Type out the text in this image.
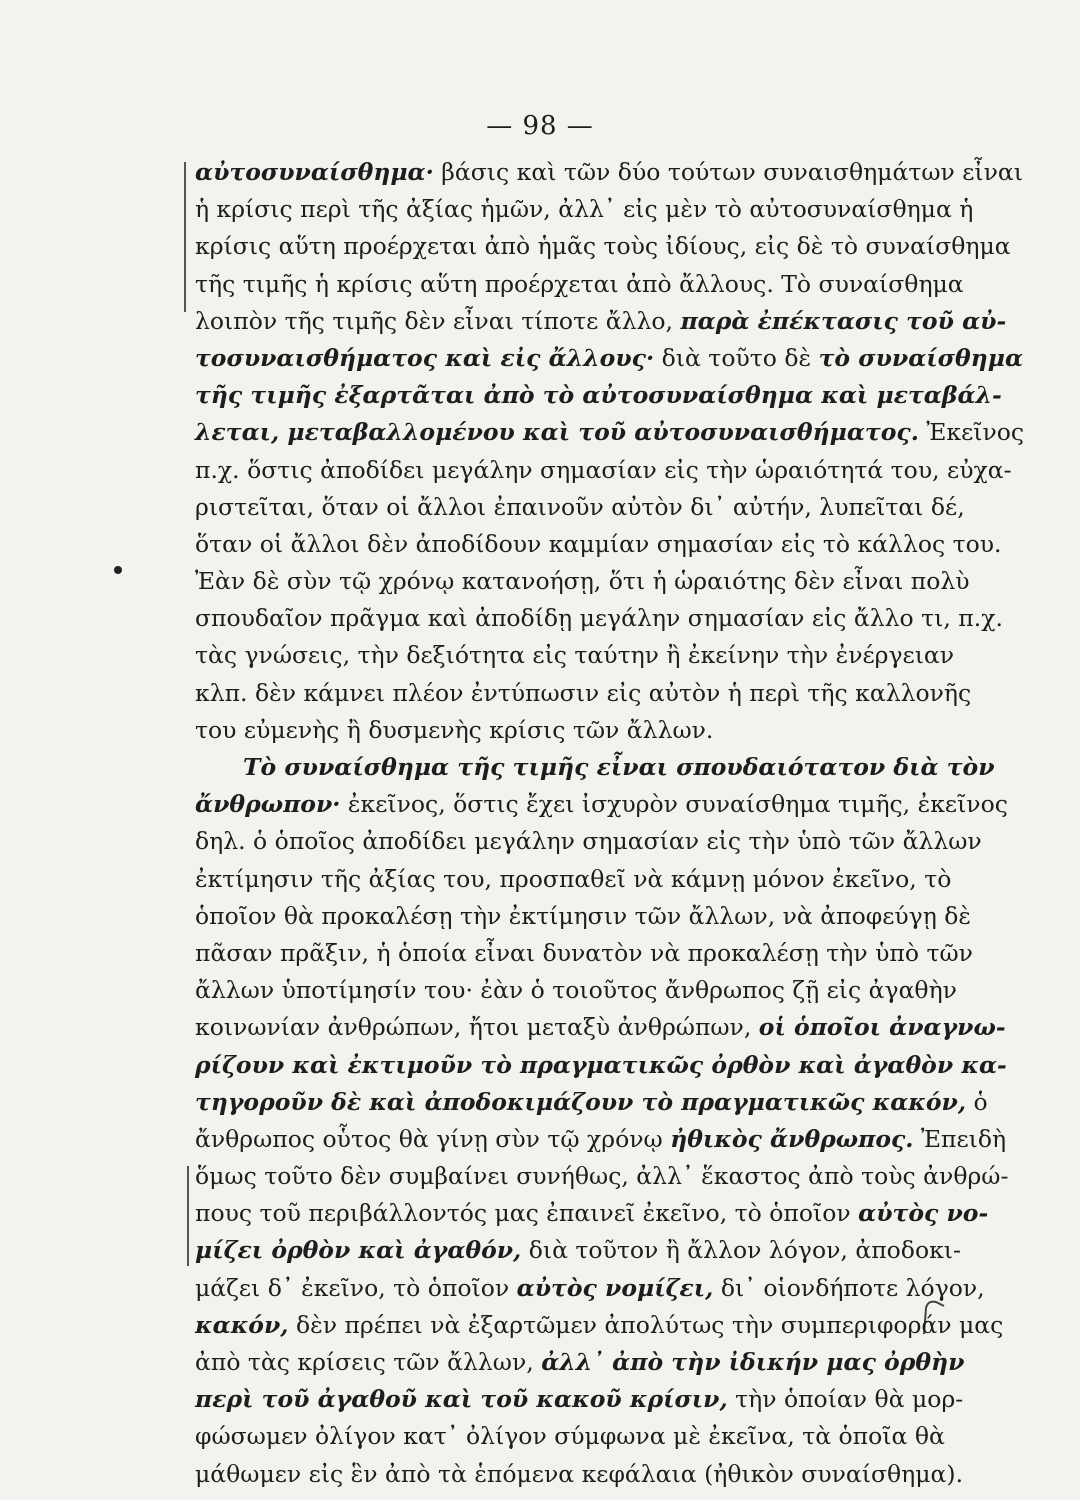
— 98 —
αὐτοσυναίσθημα· βάσις καὶ τῶν δύο τούτων συναισθημάτων εἶναι
ἡ κρίσις περὶ τῆς ἀξίας ἡμῶν, ἀλλ᾽ εἰς μὲν τὸ αὐτοσυναίσθημα ἡ
κρίσις αὕτη προέρχεται ἀπὸ ἡμᾶς τοὺς ἰδίους, εἰς δὲ τὸ συναίσθημα
τῆς τιμῆς ἡ κρίσις αὕτη προέρχεται ἀπὸ ἄλλους. Τὸ συναίσθημα
λοιπὸν τῆς τιμῆς δὲν εἶναι τίποτε ἄλλο, παρὰ ἐπέκτασις τοῦ αὐ-
τοσυναισθήματος καὶ εἰς ἄλλους· διὰ τοῦτο δὲ τὸ συναίσθημα
τῆς τιμῆς ἐξαρτᾶται ἀπὸ τὸ αὐτοσυναίσθημα καὶ μεταβάλ-
λεται, μεταβαλλομένου καὶ τοῦ αὐτοσυναισθήματος. Ἐκεῖνος
π.χ. ὅστις ἀποδίδει μεγάλην σημασίαν εἰς τὴν ὡραιότητά του, εὐχα-
ριστεῖται, ὅταν οἱ ἄλλοι ἐπαινοῦν αὐτὸν δι᾽ αὐτήν, λυπεῖται δέ,
ὅταν οἱ ἄλλοι δὲν ἀποδίδουν καμμίαν σημασίαν εἰς τὸ κάλλος του.
Ἐὰν δὲ σὺν τῷ χρόνῳ κατανοήσῃ, ὅτι ἡ ὡραιότης δὲν εἶναι πολὺ
σπουδαῖον πρᾶγμα καὶ ἀποδίδῃ μεγάλην σημασίαν εἰς ἄλλο τι, π.χ.
τὰς γνώσεις, τὴν δεξιότητα εἰς ταύτην ἢ ἐκείνην τὴν ἐνέργειαν
κλπ. δὲν κάμνει πλέον ἐντύπωσιν εἰς αὐτὸν ἡ περὶ τῆς καλλονῆς
του εὐμενὴς ἢ δυσμενὴς κρίσις τῶν ἄλλων.
Τὸ συναίσθημα τῆς τιμῆς εἶναι σπουδαιότατον διὰ τὸν
ἄνθρωπον· ἐκεῖνος, ὅστις ἔχει ἰσχυρὸν συναίσθημα τιμῆς, ἐκεῖνος
δηλ. ὁ ὁποῖος ἀποδίδει μεγάλην σημασίαν εἰς τὴν ὑπὸ τῶν ἄλλων
ἐκτίμησιν τῆς ἀξίας του, προσπαθεῖ νὰ κάμνῃ μόνον ἐκεῖνο, τὸ
ὁποῖον θὰ προκαλέσῃ τὴν ἐκτίμησιν τῶν ἄλλων, νὰ ἀποφεύγῃ δὲ
πᾶσαν πρᾶξιν, ἡ ὁποία εἶναι δυνατὸν νὰ προκαλέσῃ τὴν ὑπὸ τῶν
ἄλλων ὑποτίμησίν του· ἐὰν ὁ τοιοῦτος ἄνθρωπος ζῇ εἰς ἀγαθὴν
κοινωνίαν ἀνθρώπων, ἤτοι μεταξὺ ἀνθρώπων, οἱ ὁποῖοι ἀναγνω-
ρίζουν καὶ ἐκτιμοῦν τὸ πραγματικῶς ὀρθὸν καὶ ἀγαθὸν κα-
τηγοροῦν δὲ καὶ ἀποδοκιμάζουν τὸ πραγματικῶς κακόν, ὁ
ἄνθρωπος οὗτος θὰ γίνῃ σὺν τῷ χρόνῳ ἠθικὸς ἄνθρωπος. Ἐπειδὴ
ὅμως τοῦτο δὲν συμβαίνει συνήθως, ἀλλ᾽ ἕκαστος ἀπὸ τοὺς ἀνθρώ-
πους τοῦ περιβάλλοντός μας ἐπαινεῖ ἐκεῖνο, τὸ ὁποῖον αὐτὸς νο-
μίζει ὀρθὸν καὶ ἀγαθόν, διὰ τοῦτον ἢ ἄλλον λόγον, ἀποδοκι-
μάζει δ᾽ ἐκεῖνο, τὸ ὁποῖον αὐτὸς νομίζει, δι᾽ οἱονδήποτε λόγον,
κακόν, δὲν πρέπει νὰ ἐξαρτῶμεν ἀπολύτως τὴν συμπεριφοράν μας
ἀπὸ τὰς κρίσεις τῶν ἄλλων, ἀλλ᾽ ἀπὸ τὴν ἰδικήν μας ὀρθὴν
περὶ τοῦ ἀγαθοῦ καὶ τοῦ κακοῦ κρίσιν, τὴν ὁποίαν θὰ μορ-
φώσωμεν ὀλίγον κατ᾽ ὀλίγον σύμφωνα μὲ ἐκεῖνα, τὰ ὁποῖα θὰ
μάθωμεν εἰς ἓν ἀπὸ τὰ ἑπόμενα κεφάλαια (ἠθικὸν συναίσθημα).
